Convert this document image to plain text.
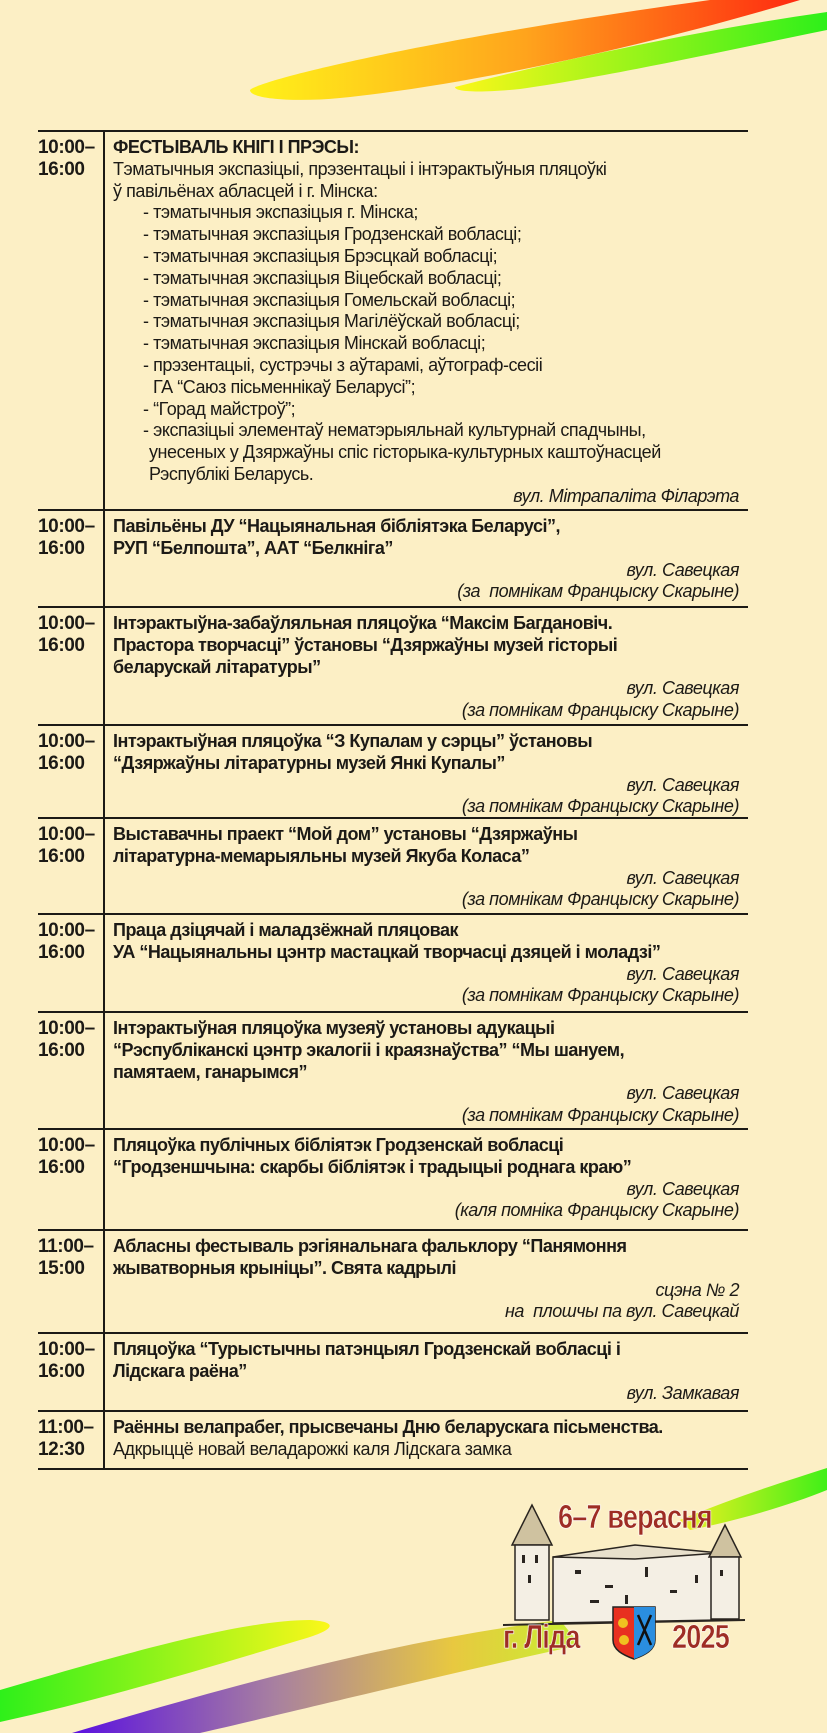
10:00–
16:00
ФЕСТЫВАЛЬ КНІГІ І ПРЭСЫ:
Тэматычныя экспазіцыі, прэзентацыі і інтэрактыўныя пляцоўкі
ў павільёнах абласцей і г. Мінска:
- тэматычныя экспазіцыя г. Мінска;
- тэматычная экспазіцыя Гродзенскай вобласці;
- тэматычная экспазіцыя Брэсцкай вобласці;
- тэматычная экспазіцыя Віцебскай вобласці;
- тэматычная экспазіцыя Гомельскай вобласці;
- тэматычная экспазіцыя Магілёўскай вобласці;
- тэматычная экспазіцыя Мінскай вобласці;
- прэзентацыі, сустрэчы з аўтарамі, аўтограф-сесіі
ГА “Саюз пісьменнікаў Беларусі”;
- “Горад майстроў”;
- экспазіцыі элементаў нематэрыяльнай культурнай спадчыны,
унесеных у Дзяржаўны спіс гісторыка-культурных каштоўнасцей
Рэспублікі Беларусь.
вул. Мітрапаліта Філарэта
10:00–
16:00
Павільёны ДУ “Нацыянальная бібліятэка Беларусі”,
РУП “Белпошта”, ААТ “Белкніга”
вул. Савецкая
(за  помнікам Францыску Скарыне)
10:00–
16:00
Інтэрактыўна-забаўляльная пляцоўка “Максім Багдановіч.
Прастора творчасці” ўстановы “Дзяржаўны музей гісторыі
беларускай літаратуры”
вул. Савецкая
(за помнікам Францыску Скарыне)
10:00–
16:00
Інтэрактыўная пляцоўка “З Купалам у сэрцы” ўстановы
“Дзяржаўны літаратурны музей Янкі Купалы”
вул. Савецкая
(за помнікам Францыску Скарыне)
10:00–
16:00
Выставачны праект “Мой дом” установы “Дзяржаўны
літаратурна-мемарыяльны музей Якуба Коласа”
вул. Савецкая
(за помнікам Францыску Скарыне)
10:00–
16:00
Праца дзіцячай і маладзёжнай пляцовак
УА “Нацыянальны цэнтр мастацкай творчасці дзяцей і моладзі”
вул. Савецкая
(за помнікам Францыску Скарыне)
10:00–
16:00
Інтэрактыўная пляцоўка музеяў установы адукацыі
“Рэспубліканскі цэнтр экалогіі і краязнаўства” “Мы шануем,
памятаем, ганарымся”
вул. Савецкая
(за помнікам Францыску Скарыне)
10:00–
16:00
Пляцоўка публічных бібліятэк Гродзенскай вобласці
“Гродзеншчына: скарбы бібліятэк і традыцыі роднага краю”
вул. Савецкая
(каля помніка Францыску Скарыне)
11:00–
15:00
Абласны фестываль рэгіянальнага фальклору “Панямоння
жыватворныя крыніцы”. Свята кадрылі
сцэна № 2
на  плошчы па вул. Савецкай
10:00–
16:00
Пляцоўка “Турыстычны патэнцыял Гродзенскай вобласці і
Лідскага раёна”
вул. Замкавая
11:00–
12:30
Раённы велапрабег, прысвечаны Дню беларускага пісьменства.
Адкрыццё новай веладарожкі каля Лідскага замка
6–7 верасня
г. Ліда	2025
